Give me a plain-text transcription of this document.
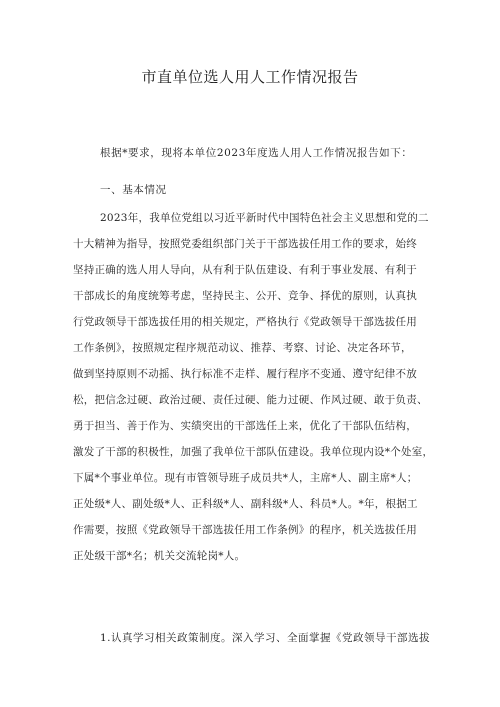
市直单位选人用人工作情况报告
根据*要求，现将本单位2023年度选人用人工作情况报告如下：
一、基本情况
2023年，我单位党组以习近平新时代中国特色社会主义思想和党的二
十大精神为指导，按照党委组织部门关于干部选拔任用工作的要求，始终
坚持正确的选人用人导向，从有利于队伍建设、有利于事业发展、有利于
干部成长的角度统筹考虑，坚持民主、公开、竞争、择优的原则，认真执
行党政领导干部选拔任用的相关规定，严格执行《党政领导干部选拔任用
工作条例》，按照规定程序规范动议、推荐、考察、讨论、决定各环节，
做到坚持原则不动摇、执行标准不走样、履行程序不变通、遵守纪律不放
松，把信念过硬、政治过硬、责任过硬、能力过硬、作风过硬、敢于负责、
勇于担当、善于作为、实绩突出的干部选任上来，优化了干部队伍结构，
激发了干部的积极性，加强了我单位干部队伍建设。我单位现内设*个处室，
下属*个事业单位。现有市管领导班子成员共*人，主席*人、副主席*人；
正处级*人、副处级*人、正科级*人、副科级*人、科员*人。*年，根据工
作需要，按照《党政领导干部选拔任用工作条例》的程序，机关选拔任用
正处级干部*名；机关交流轮岗*人。
1.认真学习相关政策制度。深入学习、全面掌握《党政领导干部选拔
